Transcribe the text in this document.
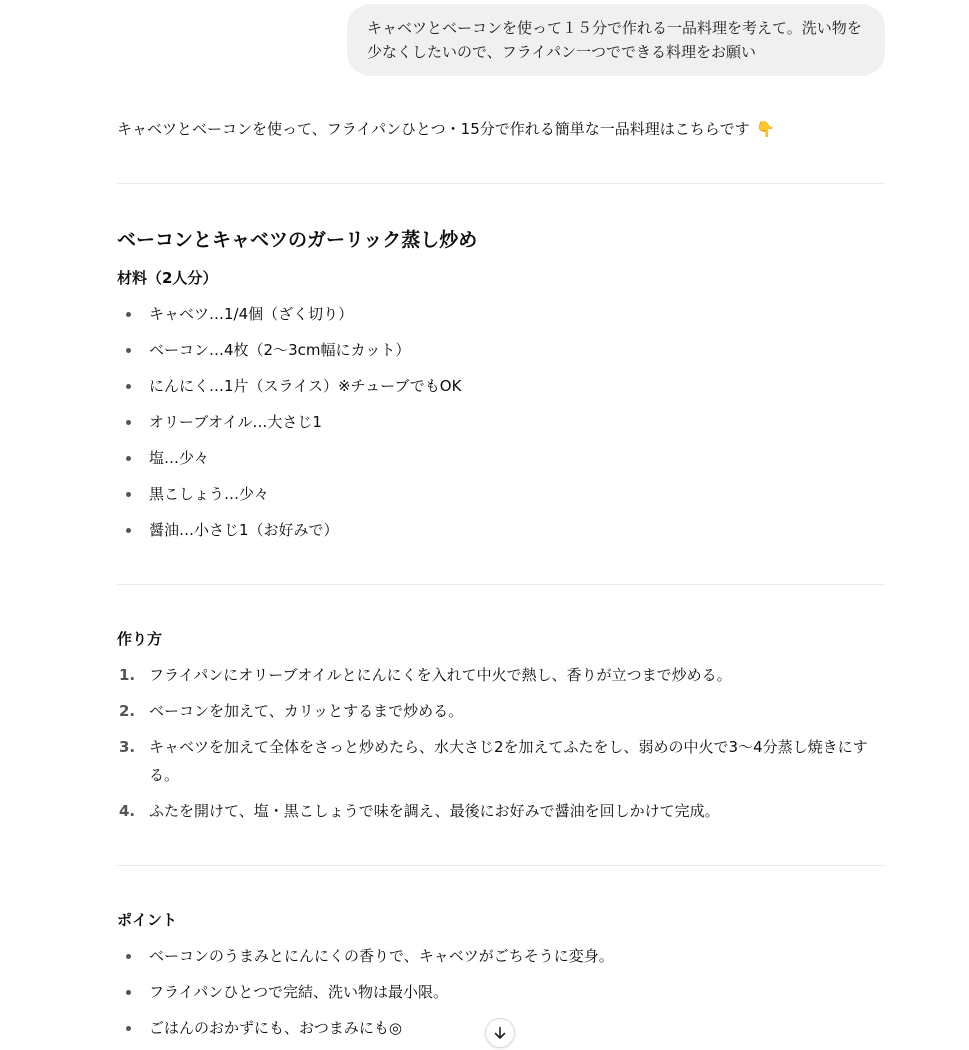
キャベツとベーコンを使って１５分で作れる一品料理を考えて。洗い物を
少なくしたいので、フライパン一つでできる料理をお願い
キャベツとベーコンを使って、フライパンひとつ・15分で作れる簡単な一品料理はこちらです 👇
ベーコンとキャベツのガーリック蒸し炒め
材料（2人分）
キャベツ…1/4個（ざく切り）
ベーコン…4枚（2〜3cm幅にカット）
にんにく…1片（スライス）※チューブでもOK
オリーブオイル…大さじ1
塩…少々
黒こしょう…少々
醤油…小さじ1（お好みで）
作り方
1. フライパンにオリーブオイルとにんにくを入れて中火で熱し、香りが立つまで炒める。
2. ベーコンを加えて、カリッとするまで炒める。
3. キャベツを加えて全体をさっと炒めたら、水大さじ2を加えてふたをし、弱めの中火で3〜4分蒸し焼きにする。
4. ふたを開けて、塩・黒こしょうで味を調え、最後にお好みで醤油を回しかけて完成。
ポイント
ベーコンのうまみとにんにくの香りで、キャベツがごちそうに変身。
フライパンひとつで完結、洗い物は最小限。
ごはんのおかずにも、おつまみにも◎
